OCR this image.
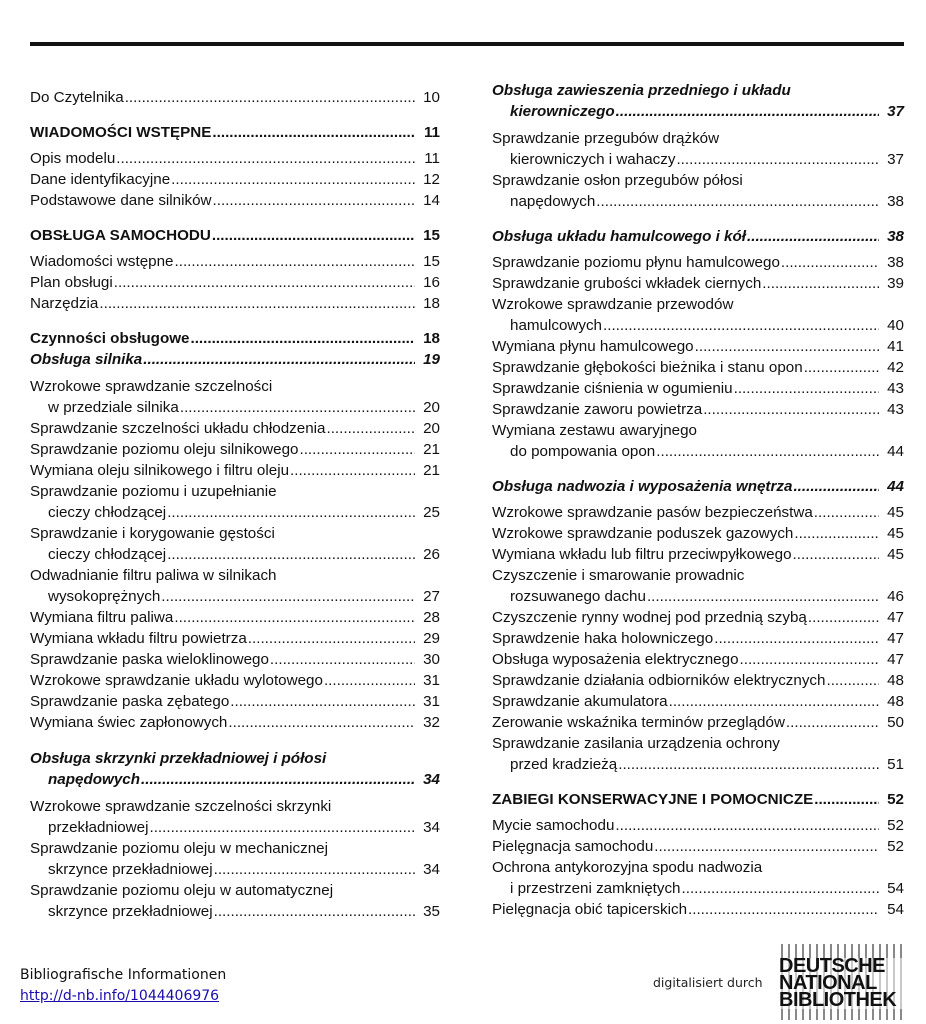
Do Czytelnika .....	10
WIADOMOŚCI WSTĘPNE .....	11
Opis modelu .....	11
Dane identyfikacyjne .....	12
Podstawowe dane silników .....	14
OBSŁUGA SAMOCHODU .....	15
Wiadomości wstępne .....	15
Plan obsługi .....	16
Narzędzia .....	18
Czynności obsługowe .....	18
Obsługa silnika .....	19
Wzrokowe sprawdzanie szczelności
w przedziale silnika .....	20
Sprawdzanie szczelności układu chłodzenia .....	20
Sprawdzanie poziomu oleju silnikowego .....	21
Wymiana oleju silnikowego i filtru oleju .....	21
Sprawdzanie poziomu i uzupełnianie
cieczy chłodzącej .....	25
Sprawdzanie i korygowanie gęstości
cieczy chłodzącej .....	26
Odwadnianie filtru paliwa w silnikach
wysokoprężnych .....	27
Wymiana filtru paliwa .....	28
Wymiana wkładu filtru powietrza .....	29
Sprawdzanie paska wieloklinowego .....	30
Wzrokowe sprawdzanie układu wylotowego .....	31
Sprawdzanie paska zębatego .....	31
Wymiana świec zapłonowych .....	32
Obsługa skrzynki przekładniowej i półosi
napędowych .....	34
Wzrokowe sprawdzanie szczelności skrzynki
przekładniowej .....	34
Sprawdzanie poziomu oleju w mechanicznej
skrzynce przekładniowej .....	34
Sprawdzanie poziomu oleju w automatycznej
skrzynce przekładniowej .....	35
Obsługa zawieszenia przedniego i układu
kierowniczego .....	37
Sprawdzanie przegubów drążków
kierowniczych i wahaczy .....	37
Sprawdzanie osłon przegubów półosi
napędowych .....	38
Obsługa układu hamulcowego i kół .....	38
Sprawdzanie poziomu płynu hamulcowego .....	38
Sprawdzanie grubości wkładek ciernych .....	39
Wzrokowe sprawdzanie przewodów
hamulcowych .....	40
Wymiana płynu hamulcowego .....	41
Sprawdzanie głębokości bieżnika i stanu opon .....	42
Sprawdzanie ciśnienia w ogumieniu .....	43
Sprawdzanie zaworu powietrza .....	43
Wymiana zestawu awaryjnego
do pompowania opon .....	44
Obsługa nadwozia i wyposażenia wnętrza .....	44
Wzrokowe sprawdzanie pasów bezpieczeństwa .....	45
Wzrokowe sprawdzanie poduszek gazowych .....	45
Wymiana wkładu lub filtru przeciwpyłkowego .....	45
Czyszczenie i smarowanie prowadnic
rozsuwanego dachu .....	46
Czyszczenie rynny wodnej pod przednią szybą .....	47
Sprawdzenie haka holowniczego .....	47
Obsługa wyposażenia elektrycznego .....	47
Sprawdzanie działania odbiorników elektrycznych .....	48
Sprawdzanie akumulatora .....	48
Zerowanie wskaźnika terminów przeglądów .....	50
Sprawdzanie zasilania urządzenia ochrony
przed kradzieżą .....	51
ZABIEGI KONSERWACYJNE I POMOCNICZE .....	52
Mycie samochodu .....	52
Pielęgnacja samochodu .....	52
Ochrona antykorozyjna spodu nadwozia
i przestrzeni zamkniętych .....	54
Pielęgnacja obić tapicerskich .....	54
Bibliografische Informationen
http://d-nb.info/1044406976
digitalisiert durch
DEUTSCHE
NATIONAL
BIBLIOTHEK
